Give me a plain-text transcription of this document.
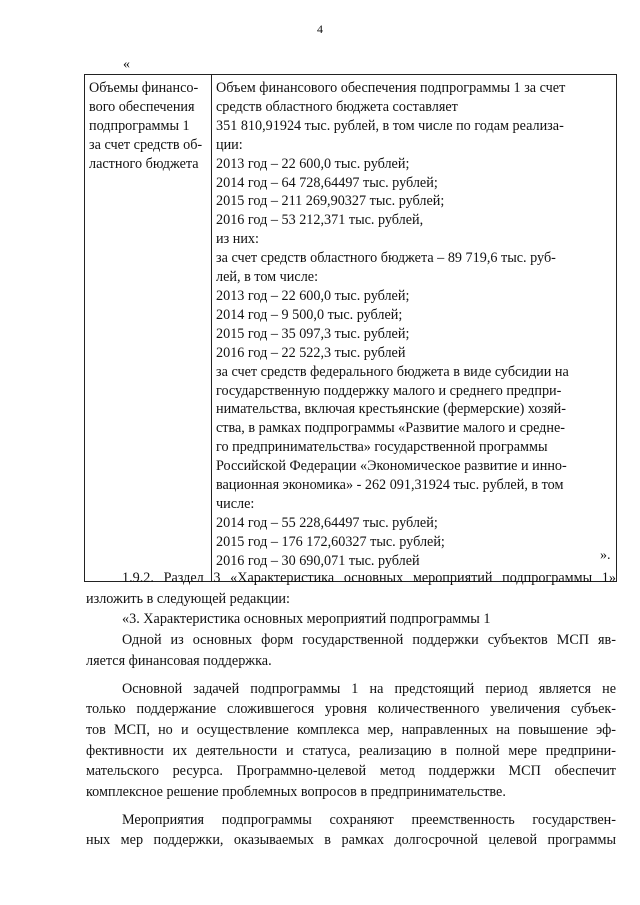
4
«
Объемы финансо-
вого обеспечения
подпрограммы 1
за счет средств об-
ластного бюджета

Объем финансового обеспечения подпрограммы 1 за счет
средств областного бюджета составляет
351 810,91924 тыс. рублей, в том числе по годам реализа-
ции:
2013 год – 22 600,0 тыс. рублей;
2014 год – 64 728,64497 тыс. рублей;
2015 год – 211 269,90327 тыс. рублей;
2016 год – 53 212,371 тыс. рублей,
из них:
за счет средств областного бюджета – 89 719,6 тыс. руб-
лей, в том числе:
2013 год – 22 600,0 тыс. рублей;
2014 год – 9 500,0 тыс. рублей;
2015 год – 35 097,3 тыс. рублей;
2016 год – 22 522,3 тыс. рублей
за счет средств федерального бюджета в виде субсидии на
государственную поддержку малого и среднего предпри-
нимательства, включая крестьянские (фермерские) хозяй-
ства, в рамках подпрограммы «Развитие малого и средне-
го предпринимательства» государственной программы
Российской Федерации «Экономическое развитие и инно-
вационная экономика» - 262 091,31924 тыс. рублей, в том
числе:
2014 год – 55 228,64497 тыс. рублей;
2015 год – 176 172,60327 тыс. рублей;
2016 год – 30 690,071 тыс. рублей	».
1.9.2. Раздел 3 «Характеристика основных мероприятий подпрограммы 1»
изложить в следующей редакции:
«3. Характеристика основных мероприятий подпрограммы 1
Одной из основных форм государственной поддержки субъектов МСП яв-
ляется финансовая поддержка.
Основной задачей подпрограммы 1 на предстоящий период является не
только поддержание сложившегося уровня количественного увеличения субъек-
тов МСП, но и осуществление комплекса мер, направленных на повышение эф-
фективности их деятельности и статуса, реализацию в полной мере предприни-
мательского ресурса. Программно-целевой метод поддержки МСП обеспечит
комплексное решение проблемных вопросов в предпринимательстве.
Мероприятия подпрограммы сохраняют преемственность государствен-
ных мер поддержки, оказываемых в рамках долгосрочной целевой программы
